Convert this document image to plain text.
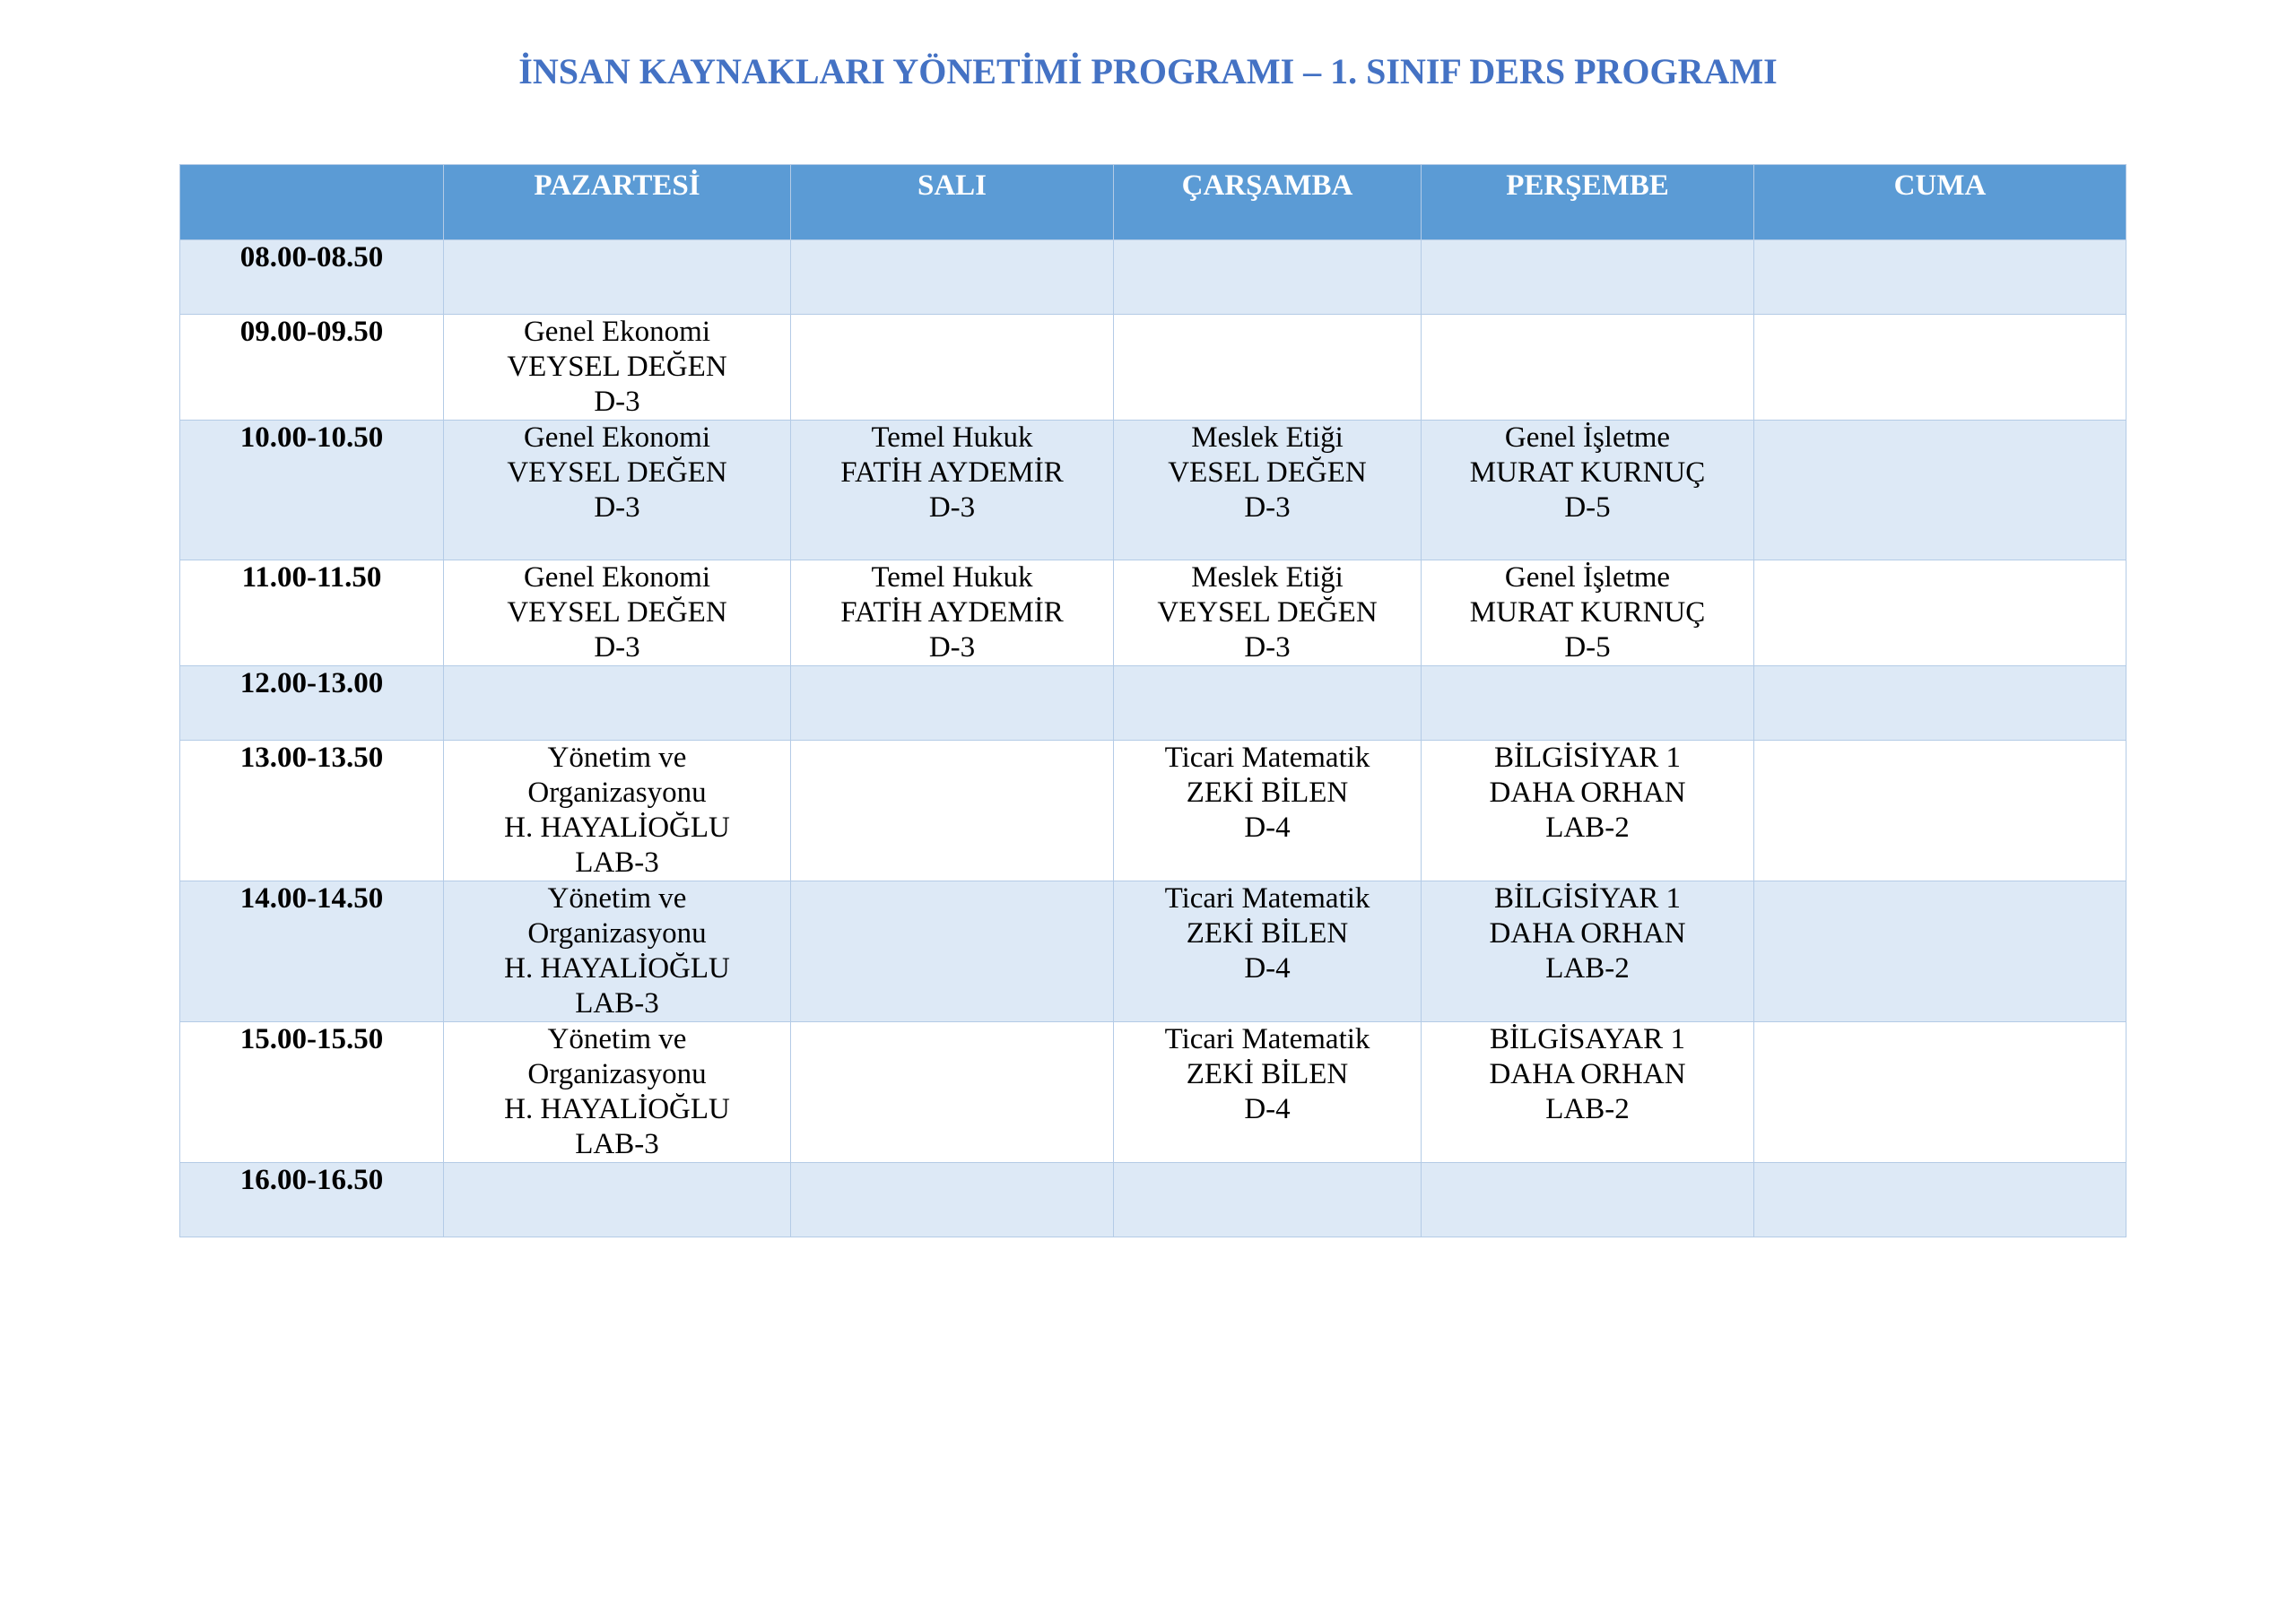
İNSAN KAYNAKLARI YÖNETİMİ PROGRAMI – 1. SINIF DERS PROGRAMI
	PAZARTESİ	SALI	ÇARŞAMBA	PERŞEMBE	CUMA
08.00-08.50					
09.00-09.50	Genel Ekonomi
VEYSEL DEĞEN
D-3				

10.00-10.50	Genel Ekonomi
VEYSEL DEĞEN
D-3	Temel Hukuk
FATİH AYDEMİR
D-3	Meslek Etiği
VESEL DEĞEN
D-3	Genel İşletme
MURAT KURNUÇ
D-5	

11.00-11.50	Genel Ekonomi
VEYSEL DEĞEN
D-3	Temel Hukuk
FATİH AYDEMİR
D-3	Meslek Etiği
VEYSEL DEĞEN
D-3	Genel İşletme
MURAT KURNUÇ
D-5	

12.00-13.00					
13.00-13.50	Yönetim ve
Organizasyonu
H. HAYALİOĞLU
LAB-3		Ticari Matematik
ZEKİ BİLEN
D-4	BİLGİSİYAR 1
DAHA ORHAN
LAB-2	

14.00-14.50	Yönetim ve
Organizasyonu
H. HAYALİOĞLU
LAB-3		Ticari Matematik
ZEKİ BİLEN
D-4	BİLGİSİYAR 1
DAHA ORHAN
LAB-2	

15.00-15.50	Yönetim ve
Organizasyonu
H. HAYALİOĞLU
LAB-3		Ticari Matematik
ZEKİ BİLEN
D-4	BİLGİSAYAR 1
DAHA ORHAN
LAB-2	

16.00-16.50					
